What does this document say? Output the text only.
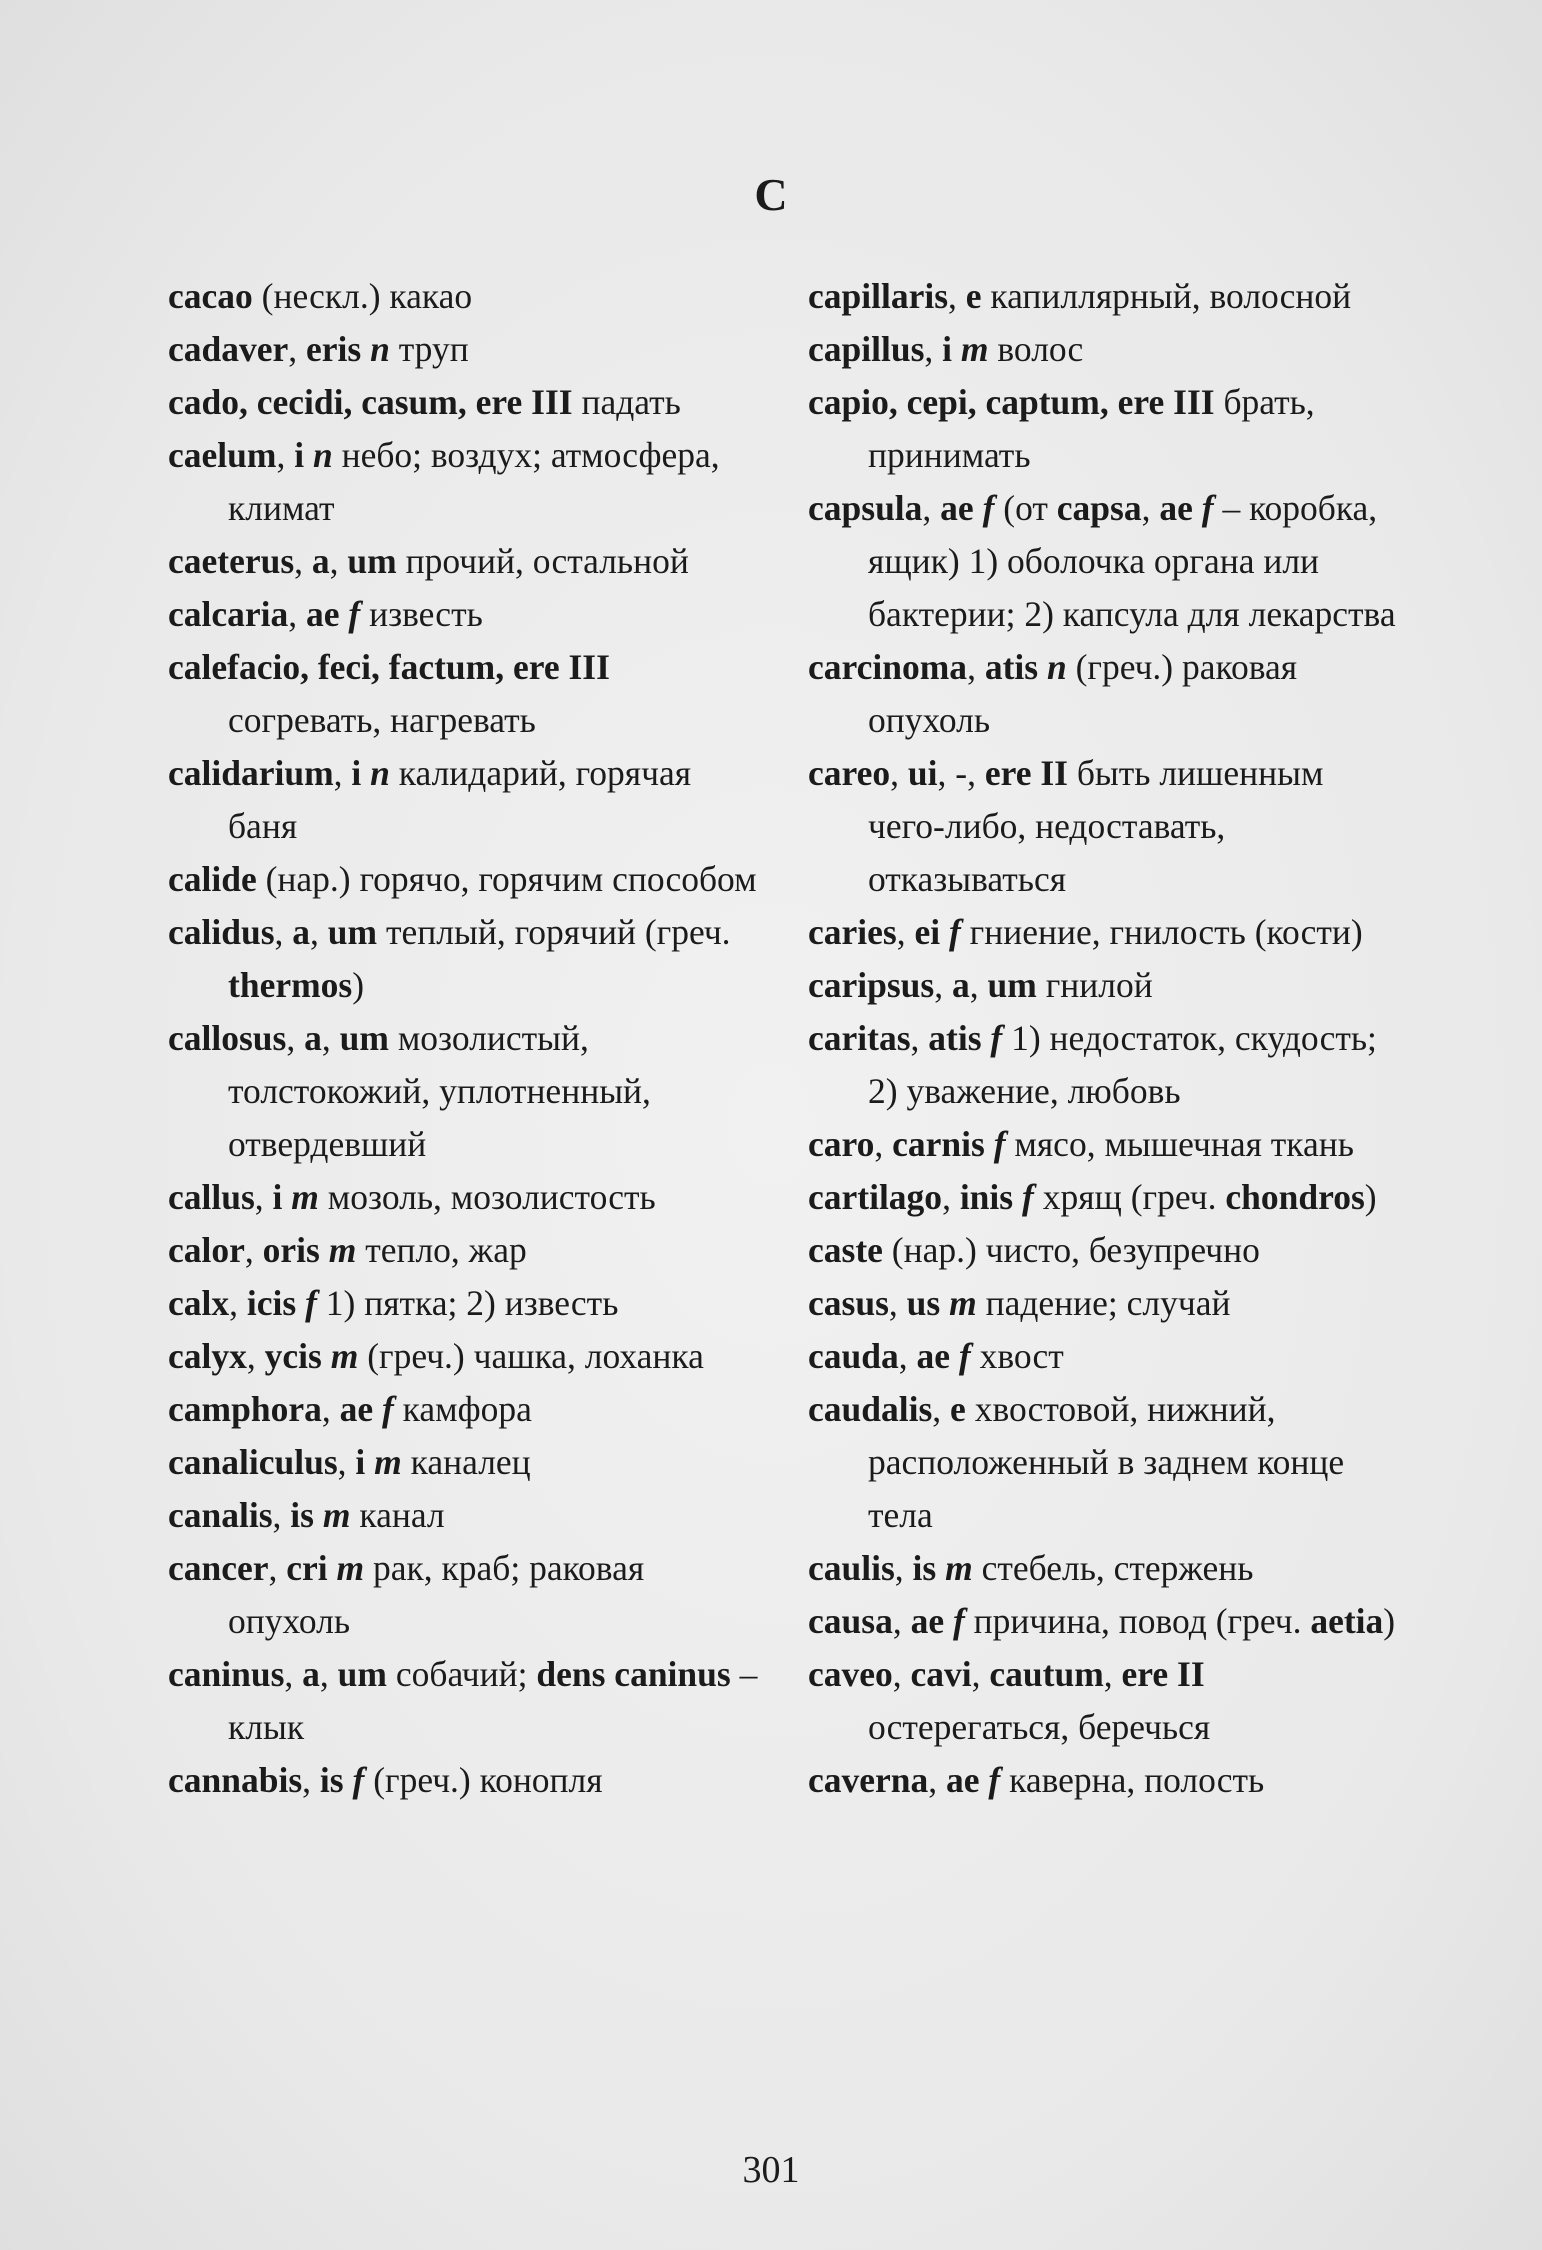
C

cacao (нескл.) какао

cadaver, eris n труп

cado, cecidi, casum, ere III падать

caelum, i n небо; воздух; атмосфера, климат

caeterus, a, um прочий, остальной

calcaria, ae f известь

calefacio, feci, factum, ere III согревать, нагревать

calidarium, i n калидарий, горячая баня

calide (нар.) горячо, горячим способом

calidus, a, um теплый, горячий (греч. thermos)

callosus, a, um мозолистый, толстокожий, уплотненный, отвердевший

callus, i m мозоль, мозолистость

calor, oris m тепло, жар

calx, icis f 1) пятка; 2) известь

calyx, ycis m (греч.) чашка, лоханка

camphora, ae f камфора

canaliculus, i m каналец

canalis, is m канал

cancer, cri m рак, краб; раковая опухоль

caninus, a, um собачий; dens caninus – клык

cannabis, is f (греч.) конопля

capillaris, e капиллярный, волосной

capillus, i m волос

capio, cepi, captum, ere III брать, принимать

capsula, ae f (от capsa, ae f – коробка, ящик) 1) оболочка органа или бактерии; 2) капсула для лекарства

carcinoma, atis n (греч.) раковая опухоль

careo, ui, -, ere II быть лишенным чего-либо, недоставать, отказываться

caries, ei f гниение, гнилость (кости)

caripsus, a, um гнилой

caritas, atis f 1) недостаток, скудость; 2) уважение, любовь

caro, carnis f мясо, мышечная ткань

cartilago, inis f хрящ (греч. chondros)

caste (нар.) чисто, безупречно

casus, us m падение; случай

cauda, ae f хвост

caudalis, e хвостовой, нижний, расположенный в заднем конце тела

caulis, is m стебель, стержень

causa, ae f причина, повод (греч. aetia)

caveo, cavi, cautum, ere II остерегаться, беречься

caverna, ae f каверна, полость

301
